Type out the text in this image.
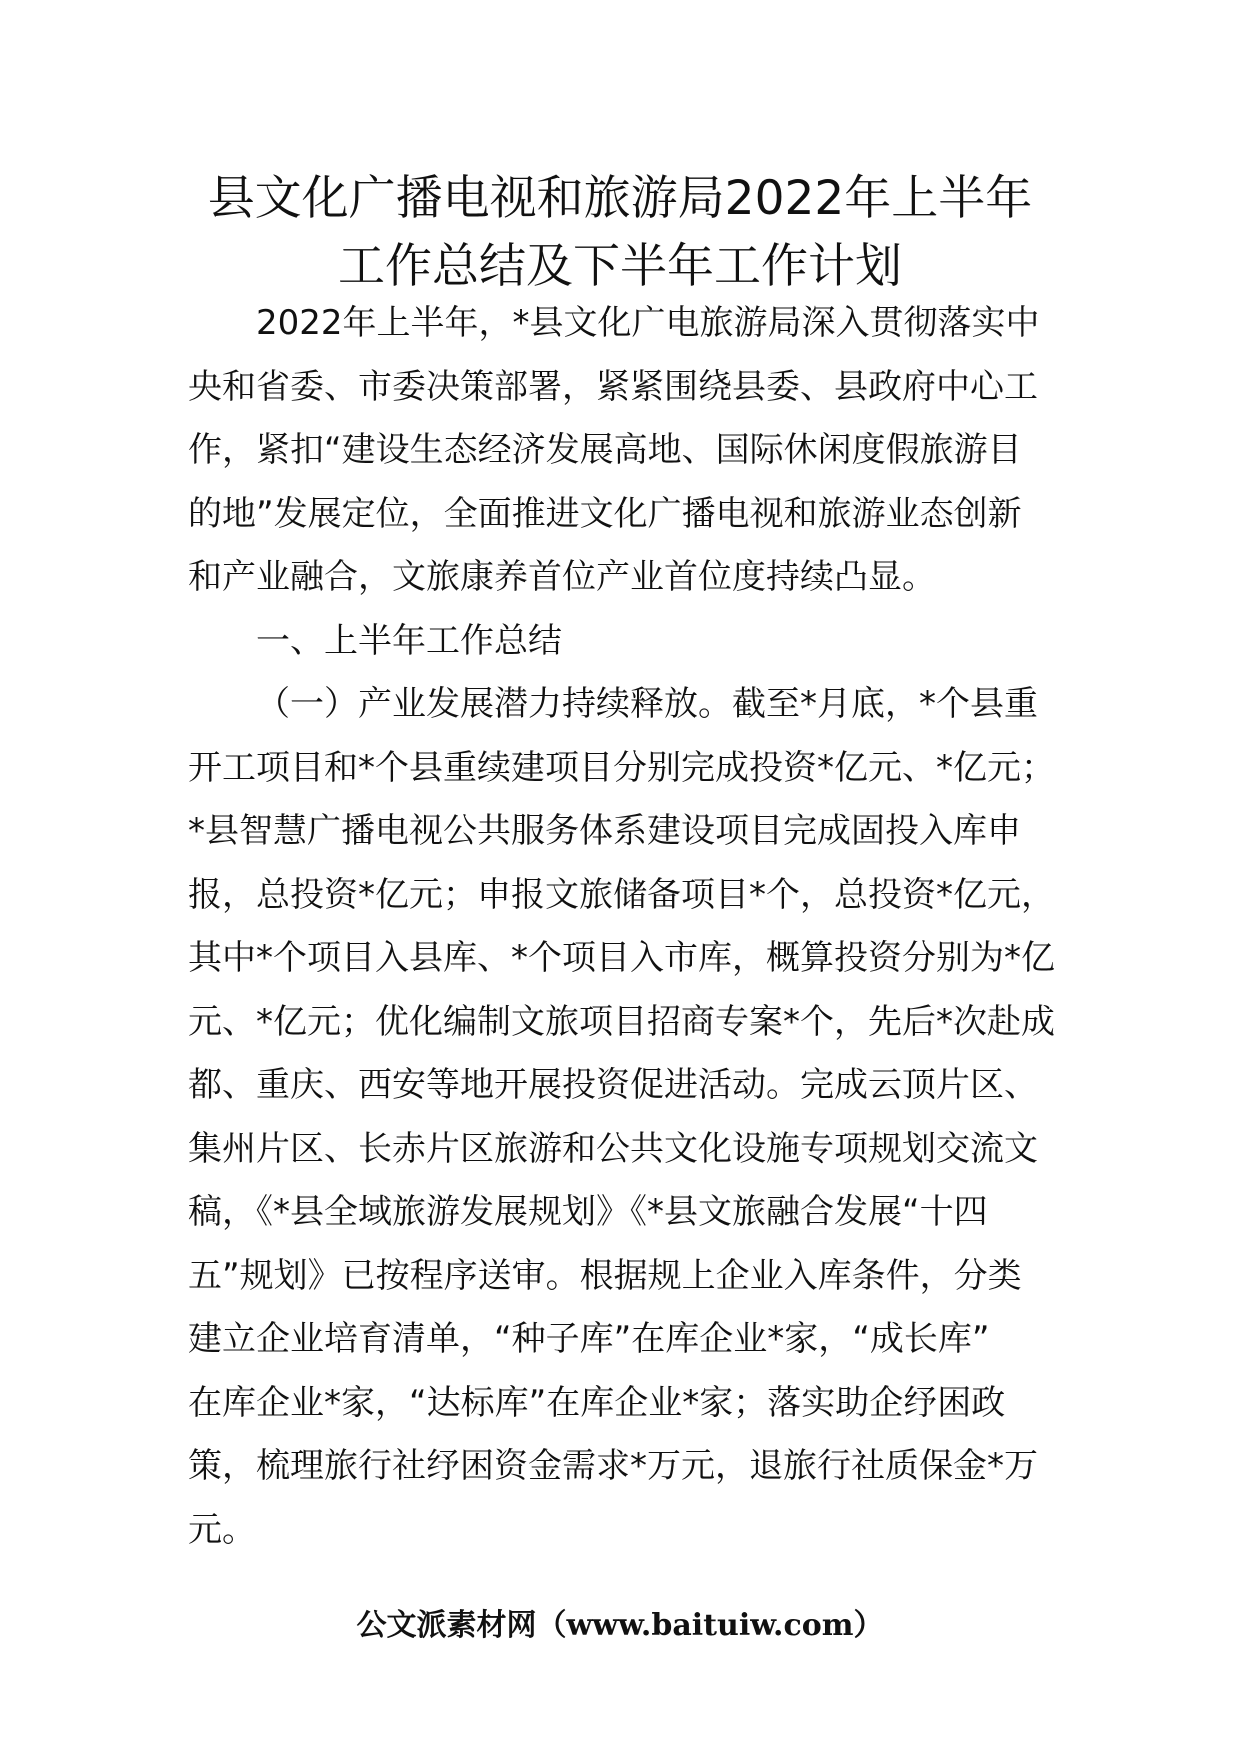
县文化广播电视和旅游局2022年上半年
工作总结及下半年工作计划
2022年上半年，*县文化广电旅游局深入贯彻落实中
央和省委、市委决策部署，紧紧围绕县委、县政府中心工
作，紧扣“建设生态经济发展高地、国际休闲度假旅游目
的地”发展定位，全面推进文化广播电视和旅游业态创新
和产业融合，文旅康养首位产业首位度持续凸显。
一、上半年工作总结
（一）产业发展潜力持续释放。截至*月底，*个县重
开工项目和*个县重续建项目分别完成投资*亿元、*亿元；
*县智慧广播电视公共服务体系建设项目完成固投入库申
报，总投资*亿元；申报文旅储备项目*个，总投资*亿元，
其中*个项目入县库、*个项目入市库，概算投资分别为*亿
元、*亿元；优化编制文旅项目招商专案*个，先后*次赴成
都、重庆、西安等地开展投资促进活动。完成云顶片区、
集州片区、长赤片区旅游和公共文化设施专项规划交流文
稿，《*县全域旅游发展规划》《*县文旅融合发展“十四
五”规划》已按程序送审。根据规上企业入库条件，分类
建立企业培育清单，“种子库”在库企业*家，“成长库”
在库企业*家，“达标库”在库企业*家；落实助企纾困政
策，梳理旅行社纾困资金需求*万元，退旅行社质保金*万
元。
公文派素材网（www.baituiw.com）
